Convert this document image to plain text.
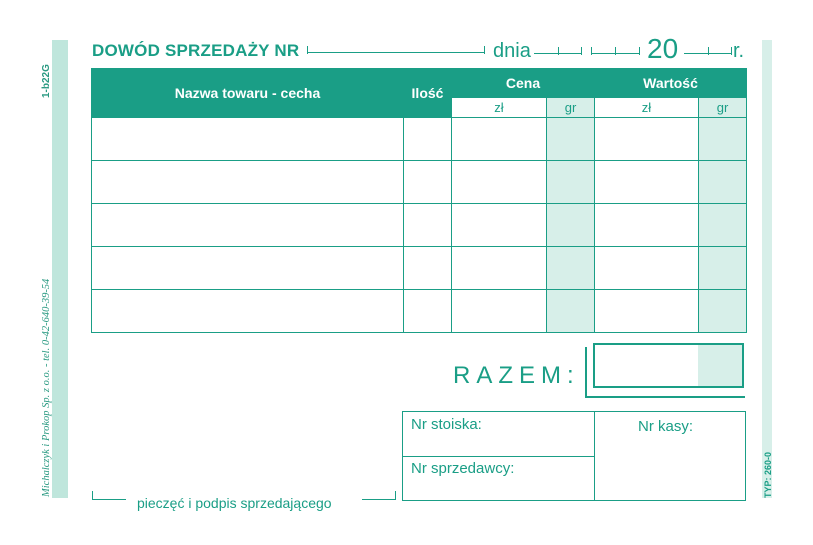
1-b22G
Michalczyk i Prokop Sp. z o.o. - tel. 0-42-640-39-54	TYP: 260-0
DOWÓD SPRZEDAŻY NR	dnia	20	r.
Nazwa towaru - cecha	Ilość	Cena		Wartość	
		zł	gr	zł	gr

RAZEM:
Nr stoiska:	Nr kasy:
Nr sprzedawcy:
pieczęć i podpis sprzedającego
